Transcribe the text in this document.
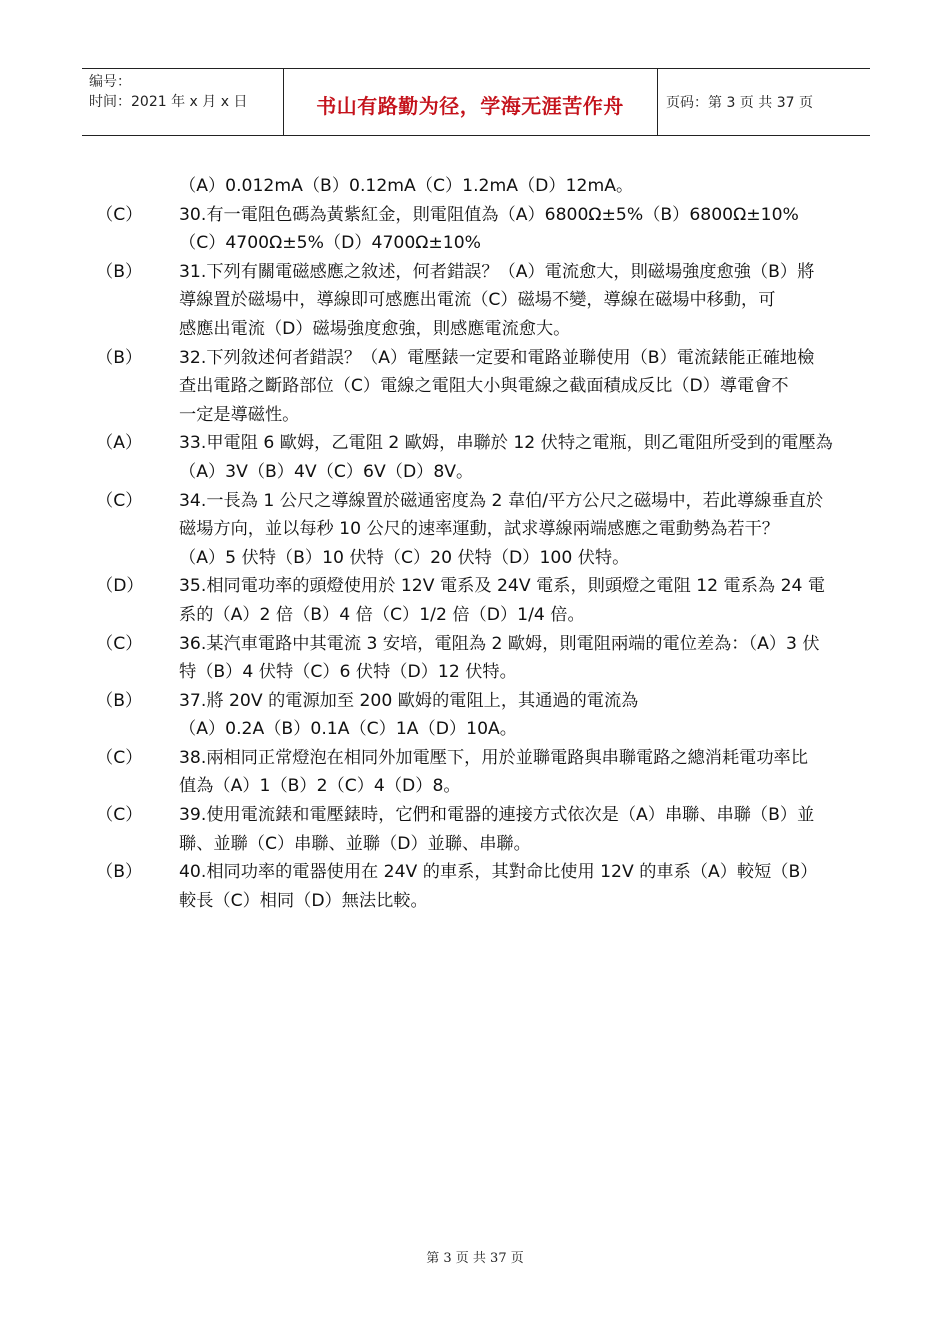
编号：
时间：2021 年 x 月 x 日	书山有路勤为径，学海无涯苦作舟	页码：第 3 页 共 37 页
（A）0.012mA（B）0.12mA（C）1.2mA（D）12mA。
（C） 30.有一電阻色碼為黃紫紅金，則電阻值為（A）6800Ω±5%（B）6800Ω±10%
（C）4700Ω±5%（D）4700Ω±10%
（B） 31.下列有關電磁感應之敘述，何者錯誤？（A）電流愈大，則磁場強度愈強（B）將
導線置於磁場中，導線即可感應出電流（C）磁場不變，導線在磁場中移動，可
感應出電流（D）磁場強度愈強，則感應電流愈大。
（B） 32.下列敘述何者錯誤？（A）電壓錶一定要和電路並聯使用（B）電流錶能正確地檢
查出電路之斷路部位（C）電線之電阻大小與電線之截面積成反比（D）導電會不
一定是導磁性。
（A） 33.甲電阻 6 歐姆，乙電阻 2 歐姆，串聯於 12 伏特之電瓶，則乙電阻所受到的電壓為
（A）3V（B）4V（C）6V（D）8V。
（C） 34.一長為 1 公尺之導線置於磁通密度為 2 韋伯/平方公尺之磁場中，若此導線垂直於
磁場方向，並以每秒 10 公尺的速率運動，試求導線兩端感應之電動勢為若干？
（A）5 伏特（B）10 伏特（C）20 伏特（D）100 伏特。
（D） 35.相同電功率的頭燈使用於 12V 電系及 24V 電系，則頭燈之電阻 12 電系為 24 電
系的（A）2 倍（B）4 倍（C）1/2 倍（D）1/4 倍。
（C） 36.某汽車電路中其電流 3 安培，電阻為 2 歐姆，則電阻兩端的電位差為：（A）3 伏
特（B）4 伏特（C）6 伏特（D）12 伏特。
（B） 37.將 20V 的電源加至 200 歐姆的電阻上，其通過的電流為
（A）0.2A（B）0.1A（C）1A（D）10A。
（C） 38.兩相同正常燈泡在相同外加電壓下，用於並聯電路與串聯電路之總消耗電功率比
值為（A）1（B）2（C）4（D）8。
（C） 39.使用電流錶和電壓錶時，它們和電器的連接方式依次是（A）串聯、串聯（B）並
聯、並聯（C）串聯、並聯（D）並聯、串聯。
（B） 40.相同功率的電器使用在 24V 的車系，其對命比使用 12V 的車系（A）較短（B）
較長（C）相同（D）無法比較。
第 3 页 共 37 页
